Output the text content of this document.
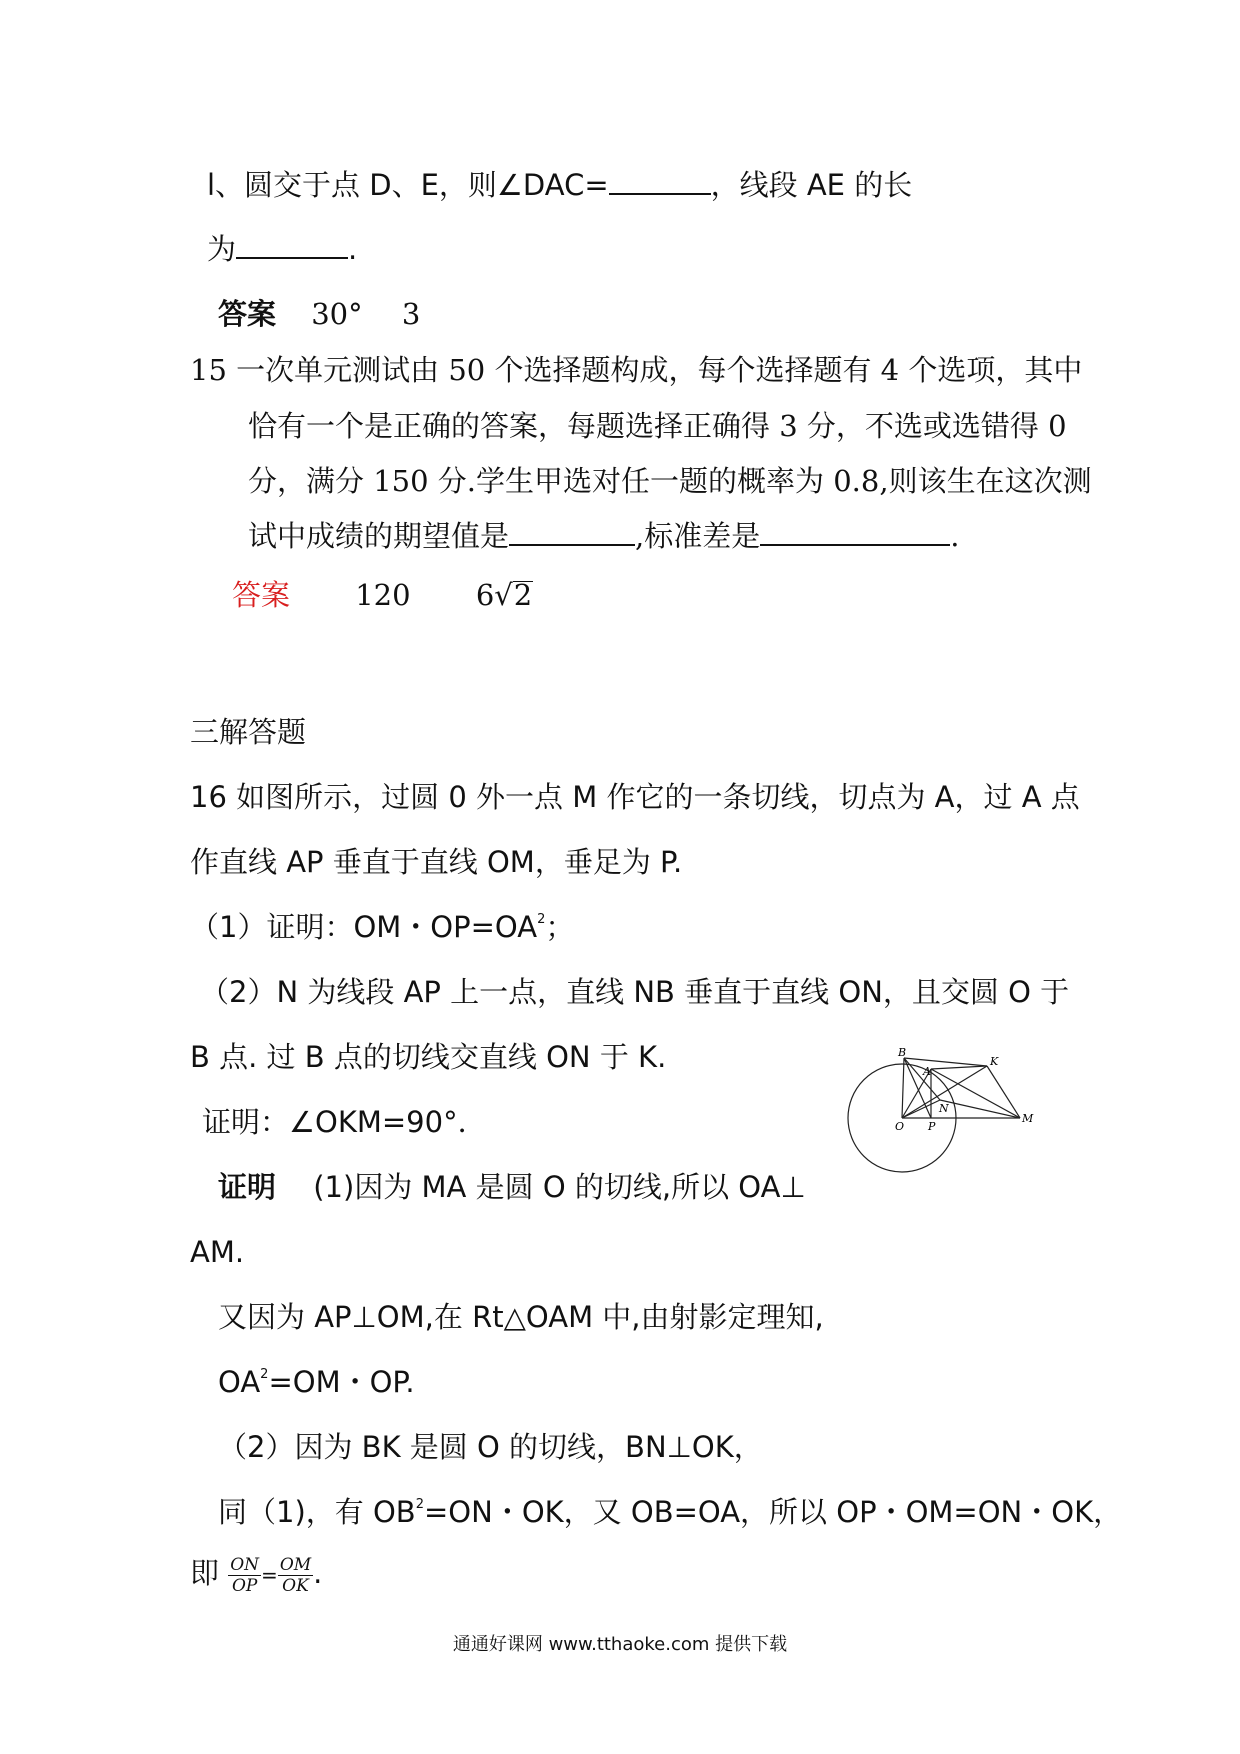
l、圆交于点 D、E，则∠DAC=	，线段 AE 的长
为	.
答案 30° 3
15 一次单元测试由 50 个选择题构成，每个选择题有 4 个选项，其中
恰有一个是正确的答案，每题选择正确得 3 分，不选或选错得 0
分，满分 150 分.学生甲选对任一题的概率为 0.8,则该生在这次测
试中成绩的期望值是	,标准差是	.
答案 120 6√2
三解答题
16 如图所示，过圆 0 外一点 M 作它的一条切线，切点为 A，过 A 点
作直线 AP 垂直于直线 OM，垂足为 P.
（1）证明：OM・$OP=OA^2$；
（2）N 为线段 AP 上一点，直线 NB 垂直于直线 ON，且交圆 O 于
B 点. 过 B 点的切线交直线 ON 于 K.
证明：∠OKM=90°．
B
K
A
N
O P
M
证明 (1)因为 MA 是圆 O 的切线,所以 OA⊥
AM.
又因为 AP⊥OM,在 Rt△OAM 中,由射影定理知,
$OA^2=OM$・OP.
（2）因为 BK 是圆 O 的切线，BN⊥OK，
同（1)，有 $OB^2=ON$・OK，又 OB=OA，所以 OP・OM=ON・OK，
即 $\frac{ON}{OP} = \frac{OM}{OK}$ .
通通好课网 www.tthaoke.com 提供下载
